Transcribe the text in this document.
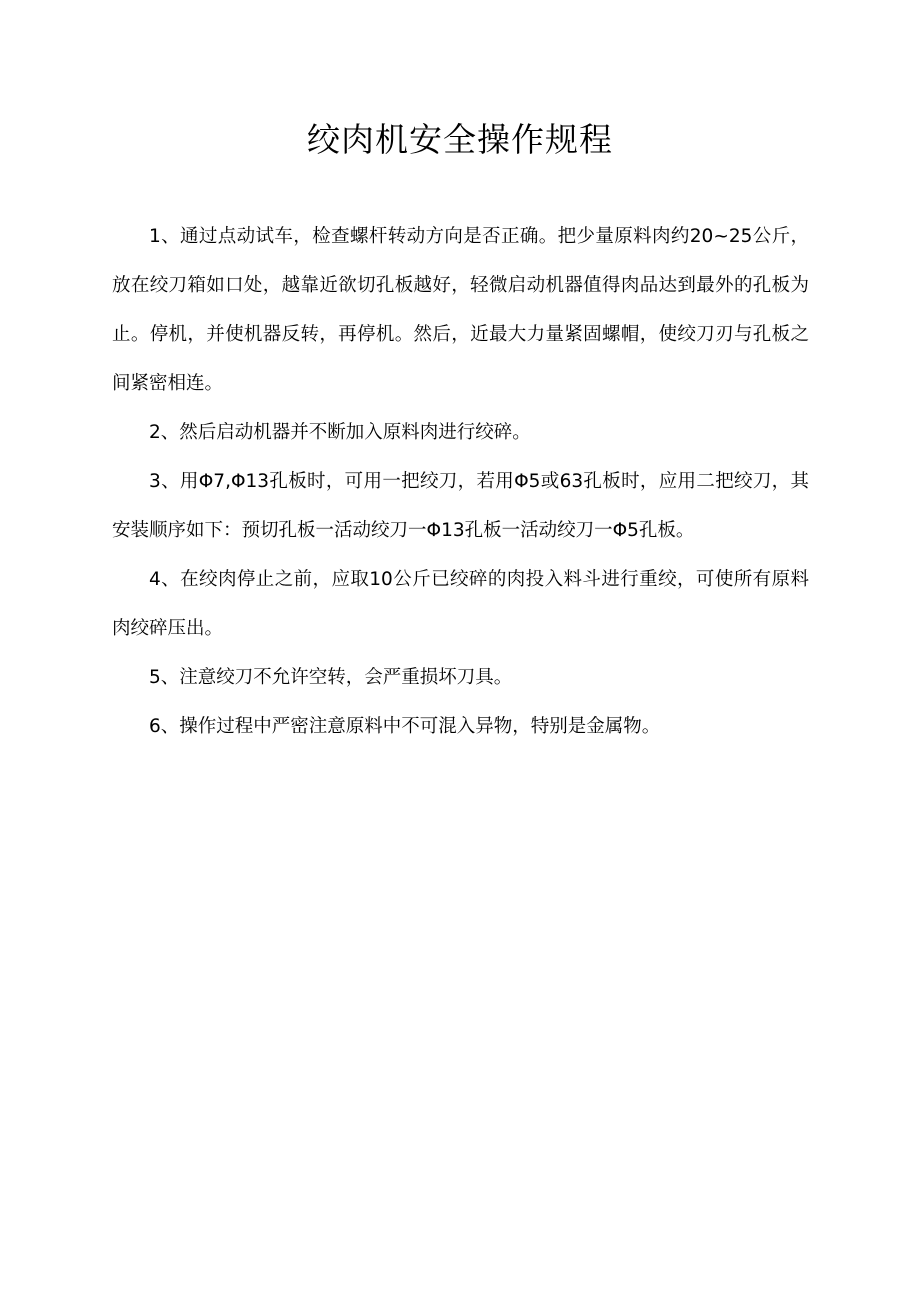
绞肉机安全操作规程

1、通过点动试车，检查螺杆转动方向是否正确。把少量原料肉约20~25公斤，放在绞刀箱如口处，越靠近欲切孔板越好，轻微启动机器值得肉品达到最外的孔板为止。停机，并使机器反转，再停机。然后，近最大力量紧固螺帽，使绞刀刃与孔板之间紧密相连。

2、然后启动机器并不断加入原料肉进行绞碎。

3、用Φ7,Φ13孔板时，可用一把绞刀，若用Φ5或63孔板时，应用二把绞刀，其安装顺序如下：预切孔板一活动绞刀一Φ13孔板一活动绞刀一Φ5孔板。

4、在绞肉停止之前，应取10公斤已绞碎的肉投入料斗进行重绞，可使所有原料肉绞碎压出。

5、注意绞刀不允许空转，会严重损坏刀具。

6、操作过程中严密注意原料中不可混入异物，特别是金属物。
